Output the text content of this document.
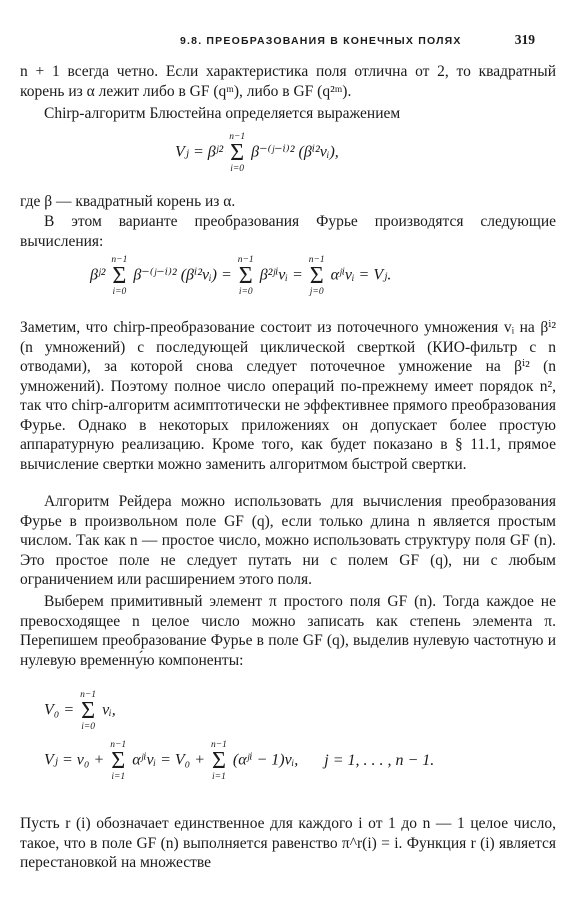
9.8. ПРЕОБРАЗОВАНИЯ В КОНЕЧНЫХ ПОЛЯХ	319

n + 1 всегда четно. Если характеристика поля отлична от 2, то квадратный корень из α лежит либо в GF (qᵐ), либо в GF (q²ᵐ).

Chirp-алгоритм Блюстейна определяется выражением

Vⱼ = βʲ²
n−1
Σ
i=0
β⁻⁽ʲ⁻ⁱ⁾² (βⁱ²vᵢ),

где β — квадратный корень из α.

В этом варианте преобразования Фурье производятся следующие вычисления:

βʲ²
n−1
Σ
i=0
β⁻⁽ʲ⁻ⁱ⁾² (βⁱ²vᵢ) =
n−1
Σ
i=0
β²ʲⁱvᵢ =
n−1
Σ
j=0
αʲⁱvᵢ = Vⱼ.

Заметим, что chirp-преобразование состоит из поточечного умножения vᵢ на βⁱ² (n умножений) с последующей циклической сверткой (КИО-фильтр с n отводами), за которой снова следует поточечное умножение на βⁱ² (n умножений). Поэтому полное число операций по-прежнему имеет порядок n², так что chirp-алгоритм асимптотически не эффективнее прямого преобразования Фурье. Однако в некоторых приложениях он допускает более простую аппаратурную реализацию. Кроме того, как будет показано в § 11.1, прямое вычисление свертки можно заменить алгоритмом быстрой свертки.

Алгоритм Рейдера можно использовать для вычисления преобразования Фурье в произвольном поле GF (q), если только длина n является простым числом. Так как n — простое число, можно использовать структуру поля GF (n). Это простое поле не следует путать ни с полем GF (q), ни с любым ограничением или расширением этого поля.

Выберем примитивный элемент π простого поля GF (n). Тогда каждое не превосходящее n целое число можно записать как степень элемента π. Перепишем преобразование Фурье в поле GF (q), выделив нулевую частотную и нулевую временну́ю компоненты:

V₀ =
n−1
Σ
i=0
vᵢ,
Vⱼ = v₀ +
n−1
Σ
i=1
αʲⁱvᵢ = V₀ +
n−1
Σ
i=1
(αʲⁱ − 1)vᵢ, j = 1, . . . , n − 1.

Пусть r (i) обозначает единственное для каждого i от 1 до n — 1 целое число, такое, что в поле GF (n) выполняется равенство π^r(i) = i. Функция r (i) является перестановкой на множестве
